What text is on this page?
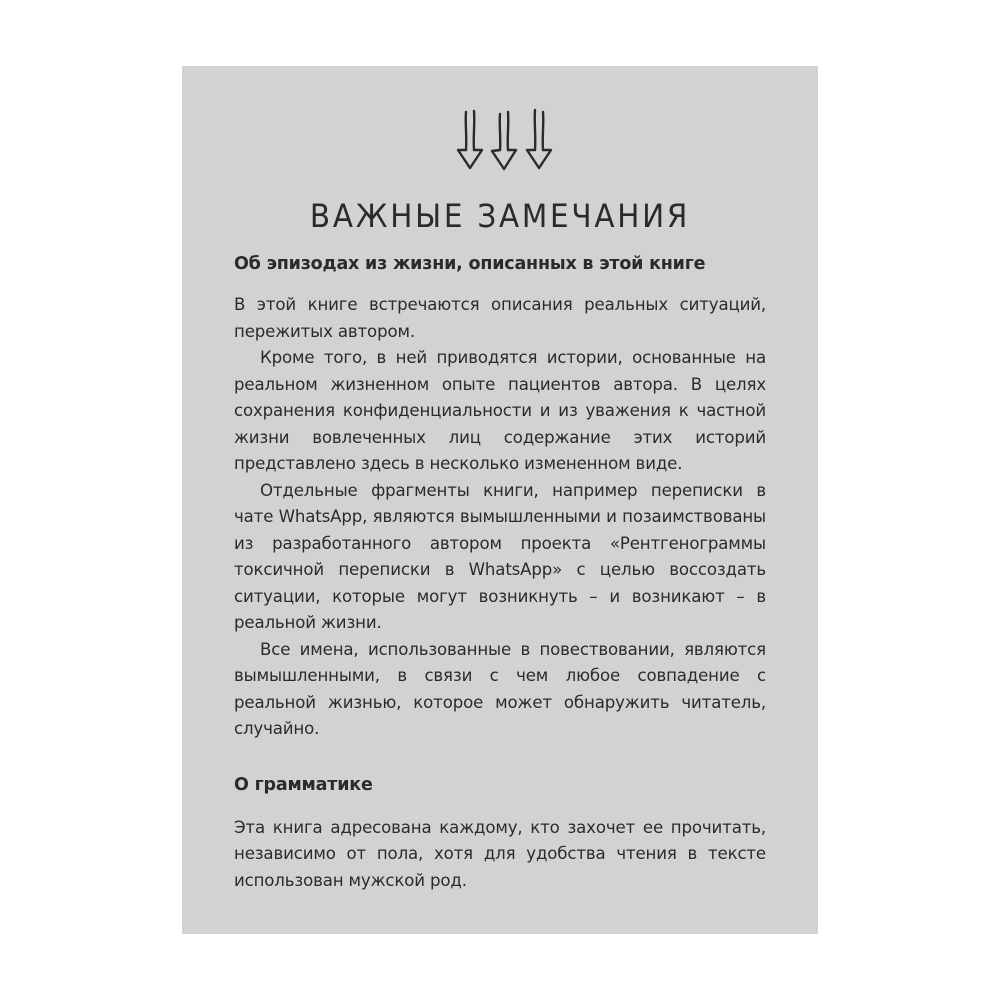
ВАЖНЫЕ ЗАМЕЧАНИЯ
Об эпизодах из жизни, описанных в этой книге

В этой книге встречаются описания реальных ситуаций, пережитых автором.

Кроме того, в ней приводятся истории, основанные на реальном жизненном опыте пациентов автора. В целях сохранения конфиденциальности и из уважения к частной жизни вовлеченных лиц содержание этих историй представлено здесь в несколько измененном виде.

Отдельные фрагменты книги, например переписки в чате WhatsApp, являются вымышленными и позаимствованы из разработанного автором проекта «Рентгенограммы токсичной переписки в WhatsApp» с целью воссоздать ситуации, которые могут возникнуть – и возникают – в реальной жизни.

Все имена, использованные в повествовании, являются вымышленными, в связи с чем любое совпадение с реальной жизнью, которое может обнаружить читатель, случайно.

О грамматике

Эта книга адресована каждому, кто захочет ее прочитать, независимо от пола, хотя для удобства чтения в тексте использован мужской род.
